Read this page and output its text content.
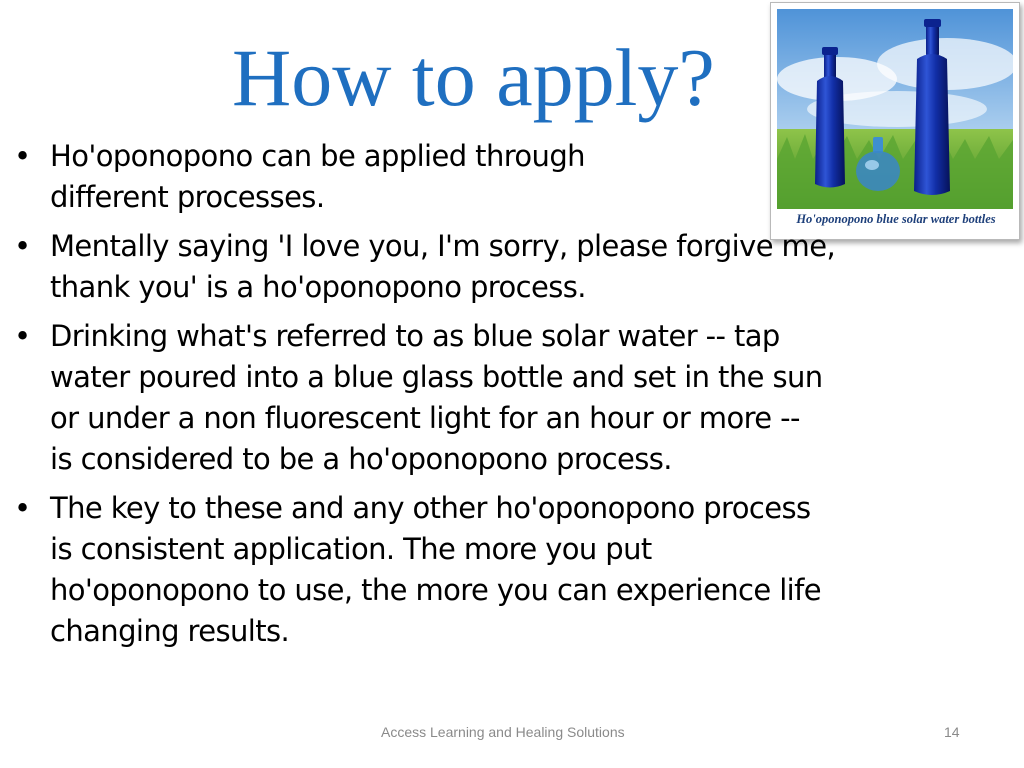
How to apply?
Ho'oponopono blue solar water bottles
• Ho'oponopono can be applied through
different processes.
• Mentally saying 'I love you, I'm sorry, please forgive me,
thank you' is a ho'oponopono process.
• Drinking what's referred to as blue solar water -- tap
water poured into a blue glass bottle and set in the sun
or under a non fluorescent light for an hour or more --
is considered to be a ho'oponopono process.
• The key to these and any other ho'oponopono process
is consistent application. The more you put
ho'oponopono to use, the more you can experience life
changing results.
Access Learning and Healing Solutions	14
